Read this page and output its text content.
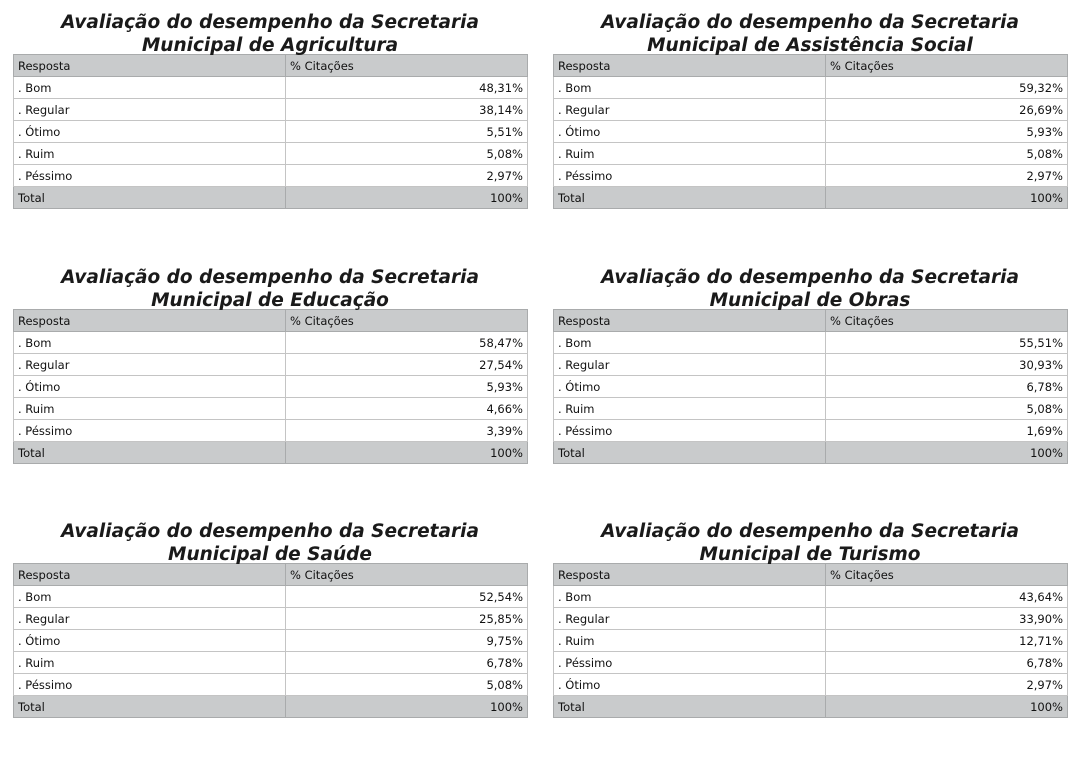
Avaliação do desempenho da Secretaria
Municipal de Agricultura
Resposta	% Citações
. Bom	48,31%
. Regular	38,14%
. Ótimo	5,51%
. Ruim	5,08%
. Péssimo	2,97%
Total	100%
Avaliação do desempenho da Secretaria
Municipal de Assistência Social
Resposta	% Citações
. Bom	59,32%
. Regular	26,69%
. Ótimo	5,93%
. Ruim	5,08%
. Péssimo	2,97%
Total	100%
Avaliação do desempenho da Secretaria
Municipal de Educação
Resposta	% Citações
. Bom	58,47%
. Regular	27,54%
. Ótimo	5,93%
. Ruim	4,66%
. Péssimo	3,39%
Total	100%
Avaliação do desempenho da Secretaria
Municipal de Obras
Resposta	% Citações
. Bom	55,51%
. Regular	30,93%
. Ótimo	6,78%
. Ruim	5,08%
. Péssimo	1,69%
Total	100%
Avaliação do desempenho da Secretaria
Municipal de Saúde
Resposta	% Citações
. Bom	52,54%
. Regular	25,85%
. Ótimo	9,75%
. Ruim	6,78%
. Péssimo	5,08%
Total	100%
Avaliação do desempenho da Secretaria
Municipal de Turismo
Resposta	% Citações
. Bom	43,64%
. Regular	33,90%
. Ruim	12,71%
. Péssimo	6,78%
. Ótimo	2,97%
Total	100%
